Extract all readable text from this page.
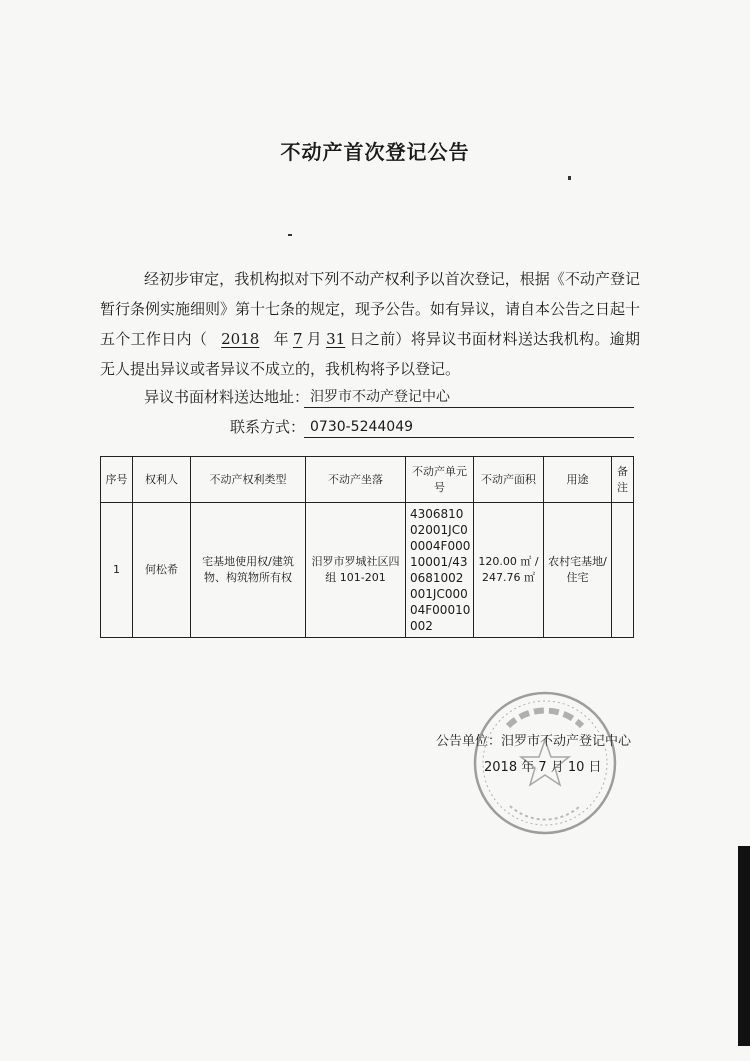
不动产首次登记公告
经初步审定，我机构拟对下列不动产权利予以首次登记，根据《不动产登记暂行条例实施细则》第十七条的规定，现予公告。如有异议，请自本公告之日起十五个工作日内（ 2018 年 7 月 31 日之前）将异议书面材料送达我机构。逾期无人提出异议或者异议不成立的，我机构将予以登记。
异议书面材料送达地址： 汨罗市不动产登记中心
联系方式： 0730-5244049
序号	权利人	不动产权利类型	不动产坐落	不动产单元号	不动产面积	用途	备注
1	何松希	宅基地使用权/建筑物、构筑物所有权	汨罗市罗城社区四组 101-201	430681002001JC00004F00010001/430681002001JC00004F00010002	120.00 ㎡ /247.76 ㎡	农村宅基地/住宅	
公告单位：汨罗市不动产登记中心
2018 年 7 月 10 日
